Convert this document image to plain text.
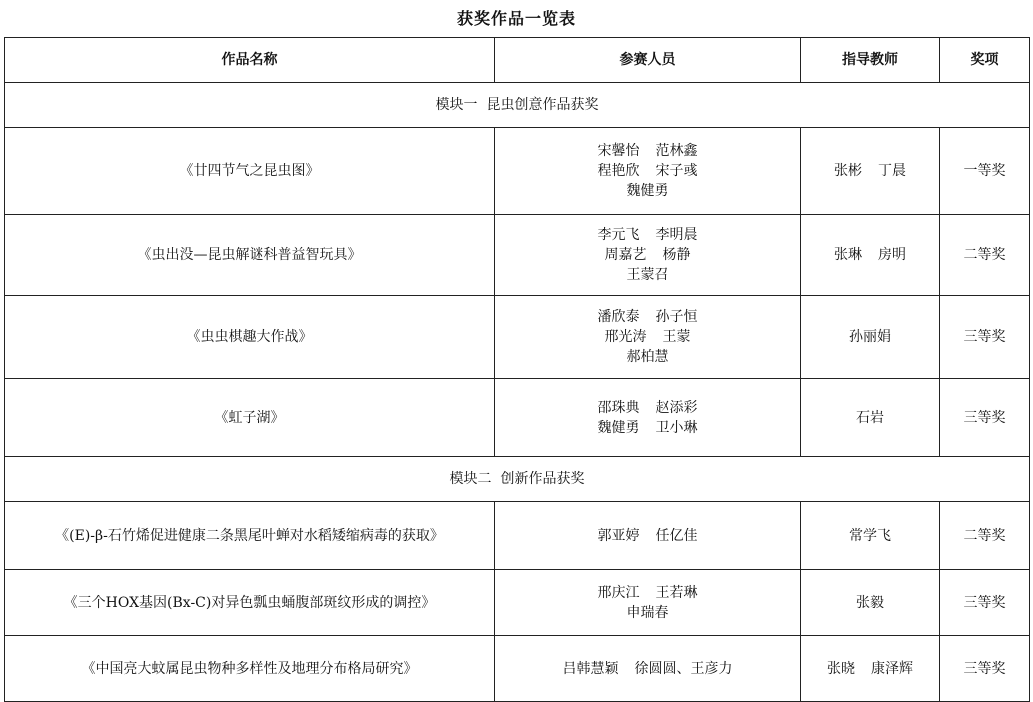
获奖作品一览表
作品名称	参赛人员	指导教师	奖项
模块一  昆虫创意作品获奖			
《廿四节气之昆虫图》	宋馨怡 范林鑫
程艳欣 宋子彧
魏健勇	张彬 丁晨	一等奖
《虫出没—昆虫解谜科普益智玩具》	李元飞 李明晨
周嘉艺 杨静
王蒙召	张琳 房明	二等奖
《虫虫棋趣大作战》	潘欣泰 孙子恒
邢光涛 王蒙
郝柏慧	孙丽娟	三等奖
《虹子湖》	邵珠典 赵添彩
魏健勇 卫小琳	石岩	三等奖
模块二  创新作品获奖			
《(E)-β-石竹烯促进健康二条黑尾叶蝉对水稻矮缩病毒的获取》	郭亚婷 任亿佳	常学飞	二等奖
《三个HOX基因(Bx-C)对异色瓢虫蛹腹部斑纹形成的调控》	邢庆江 王若琳
申瑞春	张毅	三等奖
《中国亮大蚊属昆虫物种多样性及地理分布格局研究》	吕韩慧颖 徐圆圆、王彦力	张晓 康泽辉	三等奖
